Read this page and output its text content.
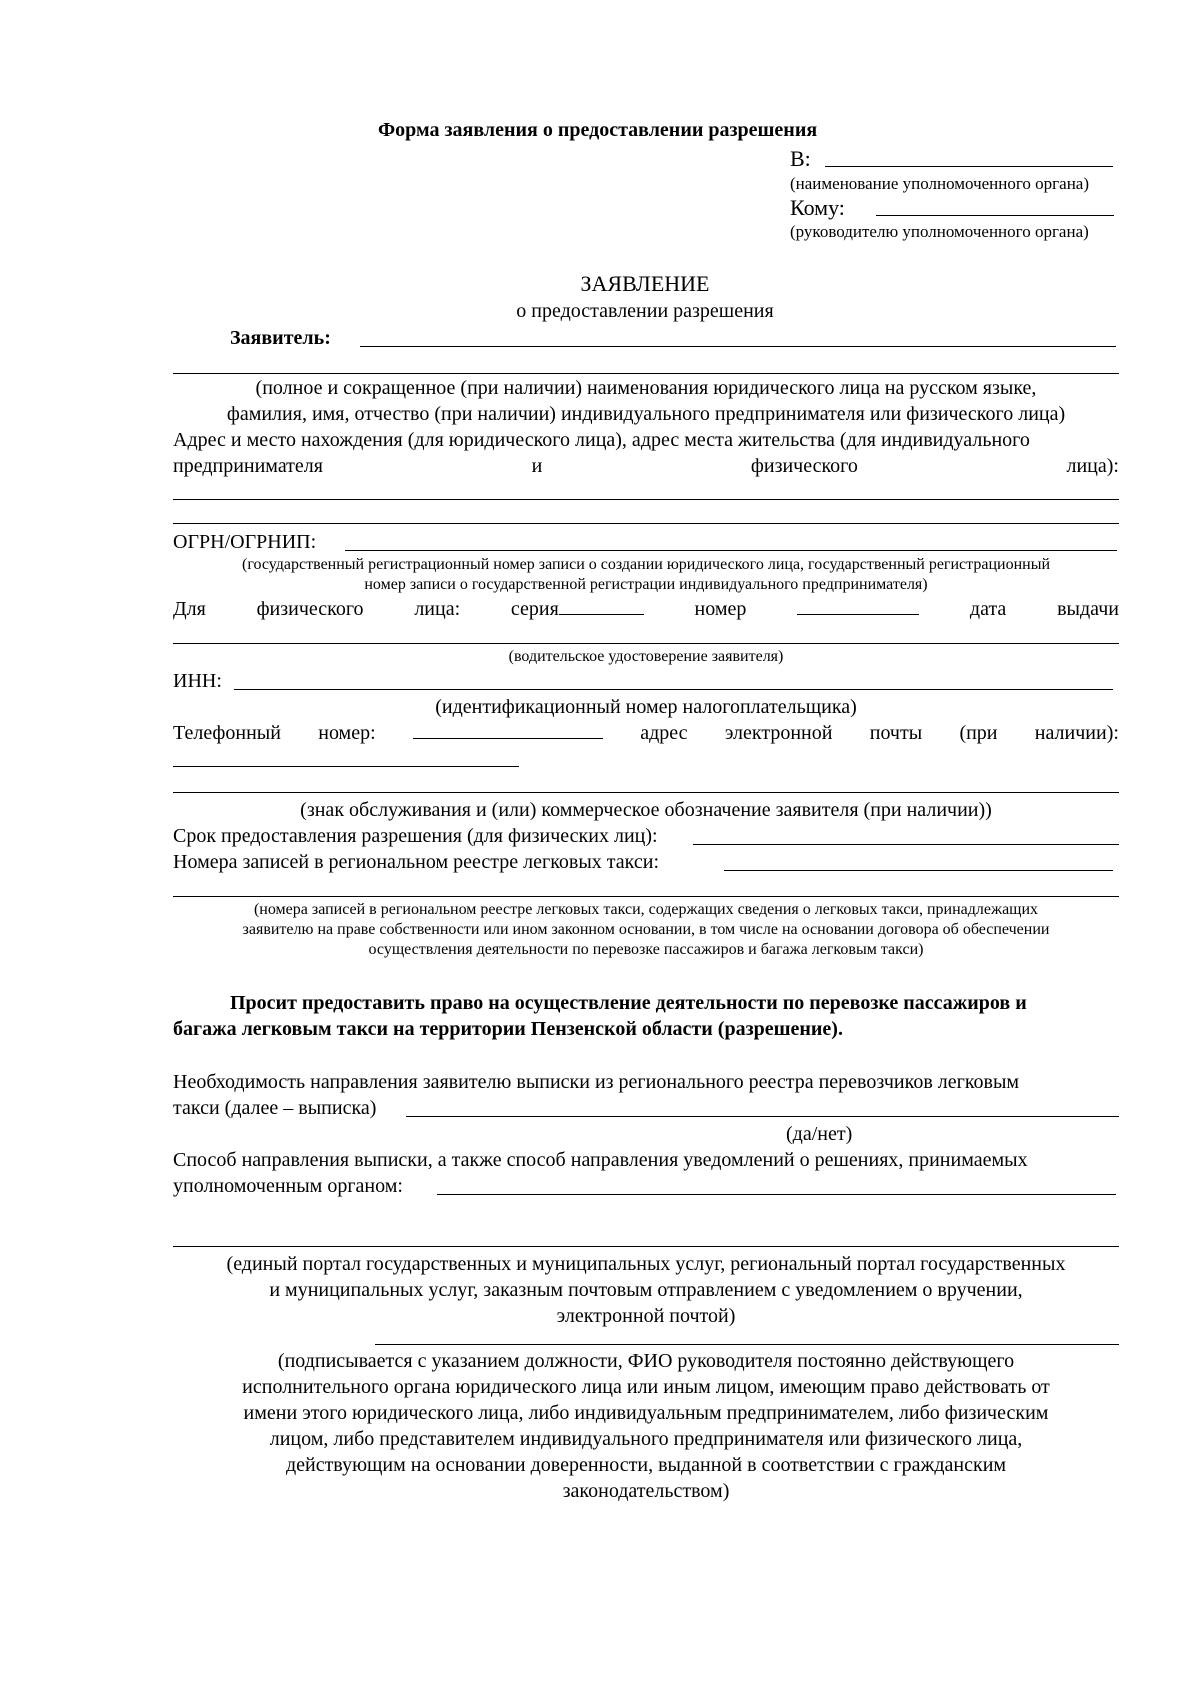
Форма заявления о предоставлении разрешения
В:
(наименование уполномоченного органа)
Кому:
(руководителю уполномоченного органа)
ЗАЯВЛЕНИЕ
о предоставлении разрешения
Заявитель:
(полное и сокращенное (при наличии) наименования юридического лица на русском языке,
фамилия, имя, отчество (при наличии) индивидуального предпринимателя или физического лица)
Адрес и место нахождения (для юридического лица), адрес места жительства (для индивидуального
предпринимателя	и	физического	лица):
ОГРН/ОГРНИП:
(государственный регистрационный номер записи о создании юридического лица, государственный регистрационный
номер записи о государственной регистрации индивидуального предпринимателя)
Для	физического	лица:	серия	номер	дата	выдачи
(водительское удостоверение заявителя)
ИНН:
(идентификационный номер налогоплательщика)
Телефонный номер:	адрес электронной почты (при наличии):
(знак обслуживания и (или) коммерческое обозначение заявителя (при наличии))
Срок предоставления разрешения (для физических лиц):
Номера записей в региональном реестре легковых такси:
(номера записей в региональном реестре легковых такси, содержащих сведения о легковых такси, принадлежащих
заявителю на праве собственности или ином законном основании, в том числе на основании договора об обеспечении
осуществления деятельности по перевозке пассажиров и багажа легковым такси)
Просит предоставить право на осуществление деятельности по перевозке пассажиров и
багажа легковым такси на территории Пензенской области (разрешение).
Необходимость направления заявителю выписки из регионального реестра перевозчиков легковым
такси (далее – выписка)
(да/нет)
Способ направления выписки, а также способ направления уведомлений о решениях, принимаемых
уполномоченным органом:
(единый портал государственных и муниципальных услуг, региональный портал государственных
и муниципальных услуг, заказным почтовым отправлением с уведомлением о вручении,
электронной почтой)
(подписывается с указанием должности, ФИО руководителя постоянно действующего
исполнительного органа юридического лица или иным лицом, имеющим право действовать от
имени этого юридического лица, либо индивидуальным предпринимателем, либо физическим
лицом, либо представителем индивидуального предпринимателя или физического лица,
действующим на основании доверенности, выданной в соответствии с гражданским
законодательством)
